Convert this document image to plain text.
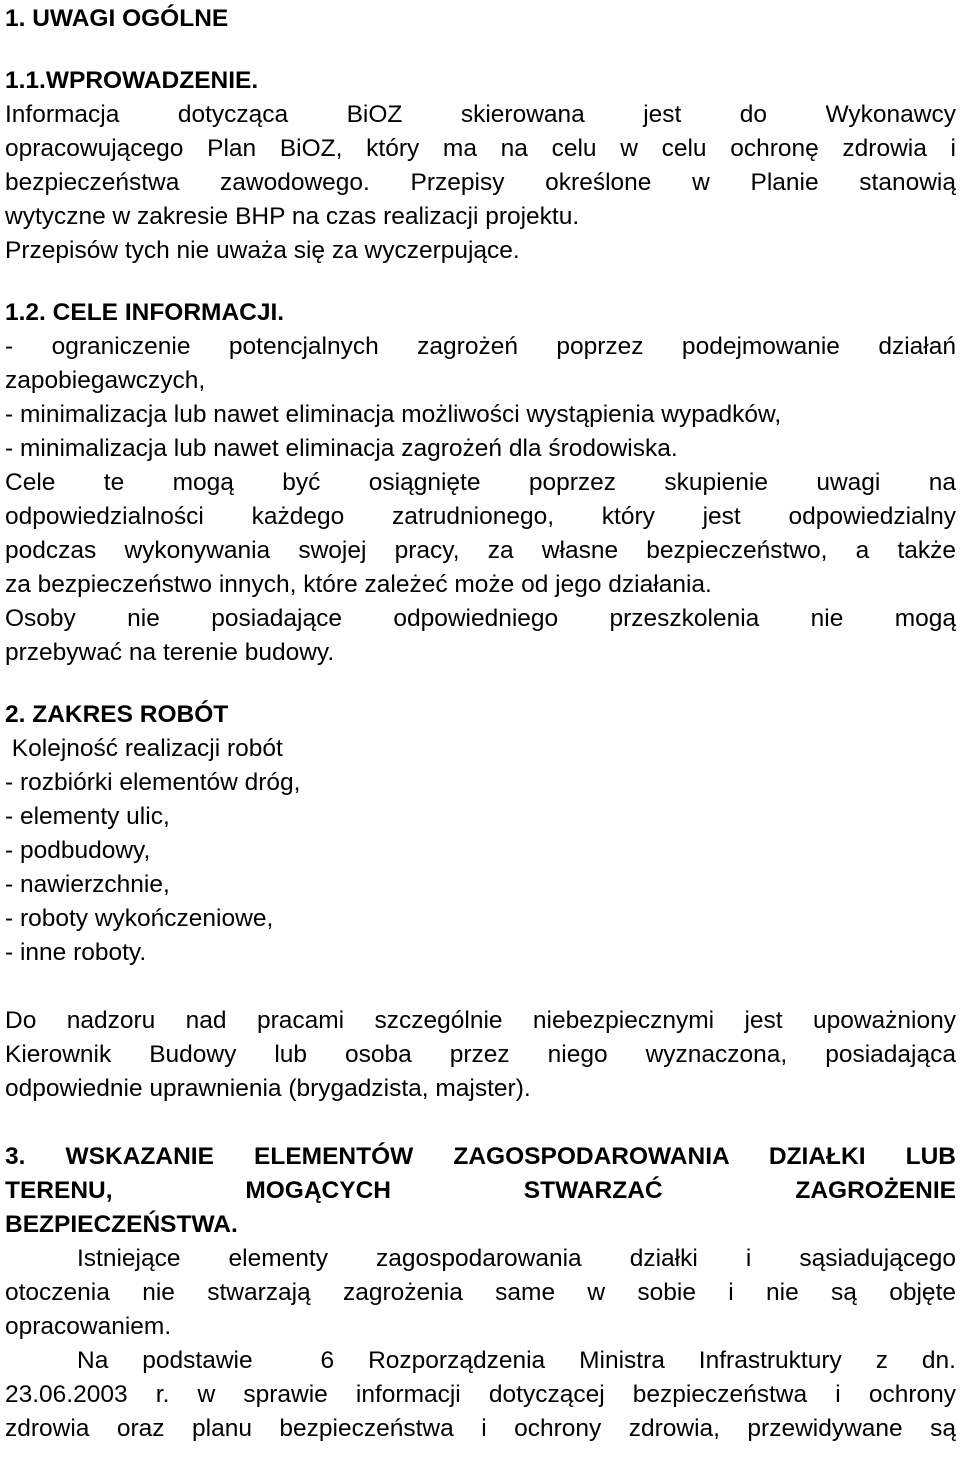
1. UWAGI OGÓLNE
1.1.WPROWADZENIE.
Informacja dotycząca BiOZ skierowana jest do Wykonawcy
opracowującego Plan BiOZ, który ma na celu w celu ochronę zdrowia i
bezpieczeństwa zawodowego. Przepisy określone w Planie stanowią
wytyczne w zakresie BHP na czas realizacji projektu.
Przepisów tych nie uważa się za wyczerpujące.
1.2. CELE INFORMACJI.
- ograniczenie potencjalnych zagrożeń poprzez podejmowanie działań
zapobiegawczych,
- minimalizacja lub nawet eliminacja możliwości wystąpienia wypadków,
- minimalizacja lub nawet eliminacja zagrożeń dla środowiska.
Cele te mogą być osiągnięte poprzez skupienie uwagi na
odpowiedzialności każdego zatrudnionego, który jest odpowiedzialny
podczas wykonywania swojej pracy, za własne bezpieczeństwo, a także
za bezpieczeństwo innych, które zależeć może od jego działania.
Osoby nie posiadające odpowiedniego przeszkolenia nie mogą
przebywać na terenie budowy.
2. ZAKRES ROBÓT
Kolejność realizacji robót
- rozbiórki elementów dróg,
- elementy ulic,
- podbudowy,
- nawierzchnie,
- roboty wykończeniowe,
- inne roboty.
Do nadzoru nad pracami szczególnie niebezpiecznymi jest upoważniony
Kierownik Budowy lub osoba przez niego wyznaczona, posiadająca
odpowiednie uprawnienia (brygadzista, majster).
3. WSKAZANIE ELEMENTÓW ZAGOSPODAROWANIA DZIAŁKI LUB
TERENU, MOGĄCYCH STWARZAĆ ZAGROŻENIE
BEZPIECZEŃSTWA.
Istniejące elementy zagospodarowania działki i sąsiadującego
otoczenia nie stwarzają zagrożenia same w sobie i nie są objęte
opracowaniem.
Na podstawie  6 Rozporządzenia Ministra Infrastruktury z dn.
23.06.2003 r. w sprawie informacji dotyczącej bezpieczeństwa i ochrony
zdrowia oraz planu bezpieczeństwa i ochrony zdrowia, przewidywane są
